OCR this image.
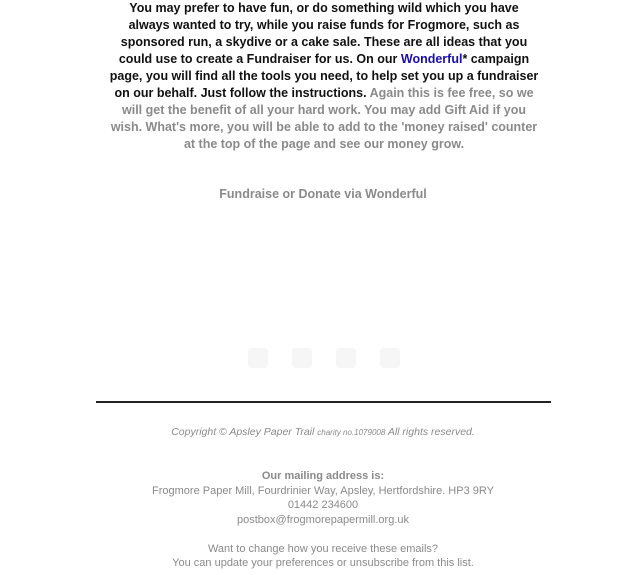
You may prefer to have fun, or do something wild which you have always wanted to try, while you raise funds for Frogmore, such as sponsored run, a skydive or a cake sale. These are all ideas that you could use to create a Fundraiser for us. On our Wonderful* campaign page, you will find all the tools you need, to help set you up a fundraiser on our behalf. Just follow the instructions. Again this is fee free, so we will get the benefit of all your hard work. You may add Gift Aid if you wish. What's more, you will be able to add to the 'money raised' counter at the top of the page and see our money grow.
Fundraise or Donate via Wonderful
Copyright © Apsley Paper Trail charity no.1079008 All rights reserved.
Our mailing address is:
Frogmore Paper Mill, Fourdrinier Way, Apsley, Hertfordshire. HP3 9RY
01442 234600
postbox@frogmorepapermill.org.uk
Want to change how you receive these emails?
You can update your preferences or unsubscribe from this list.
